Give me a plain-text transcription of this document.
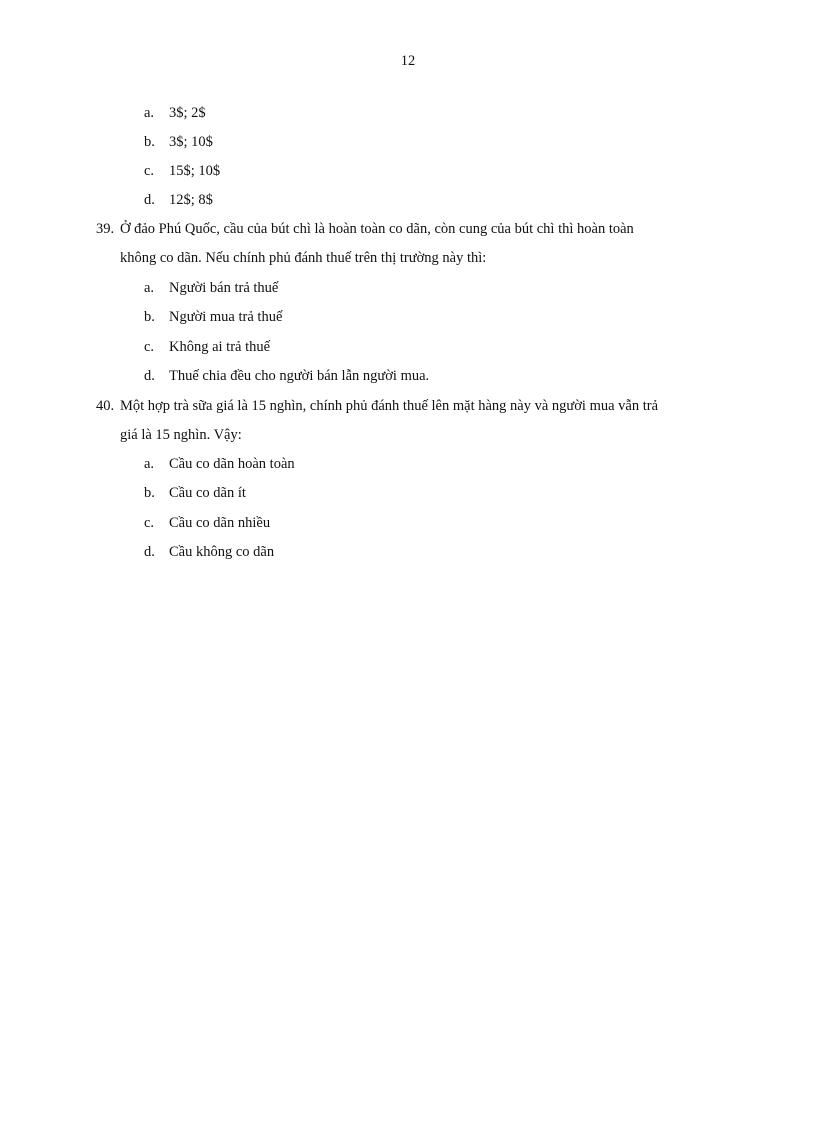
12
a.	3$; 2$
b. 3$; 10$
c.	15$; 10$
d. 12$; 8$
39. Ở đảo Phú Quốc, cầu của bút chì là hoàn toàn co dãn, còn cung của bút chì thì hoàn toàn
không co dãn. Nếu chính phủ đánh thuế trên thị trường này thì:
a.	Người bán trả thuế
b. Người mua trả thuế
c.	Không ai trả thuế
d. Thuế chia đều cho người bán lẫn người mua.
40. Một hợp trà sữa giá là 15 nghìn, chính phủ đánh thuế lên mặt hàng này và người mua vẫn trả
giá là 15 nghìn. Vậy:
a.	Cầu co dãn hoàn toàn
b. Cầu co dãn ít
c.	Cầu co dãn nhiều
d. Cầu không co dãn
